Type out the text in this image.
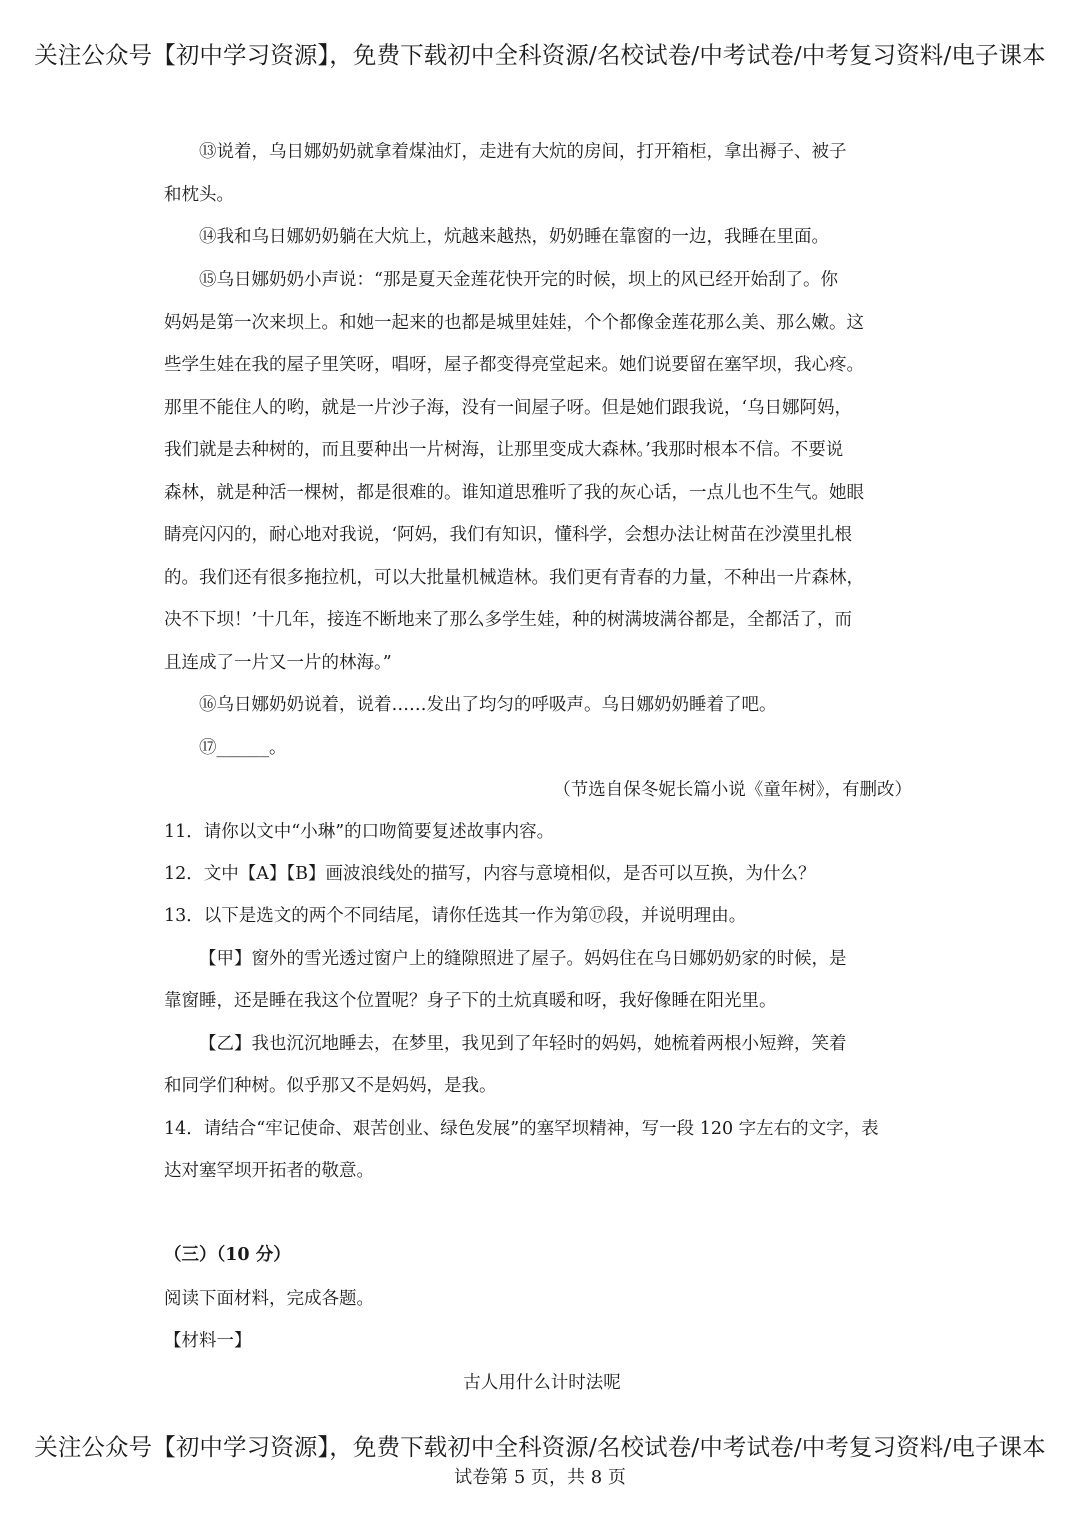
关注公众号【初中学习资源】，免费下载初中全科资源/名校试卷/中考试卷/中考复习资料/电子课本
⑬说着，乌日娜奶奶就拿着煤油灯，走进有大炕的房间，打开箱柜，拿出褥子、被子
和枕头。
⑭我和乌日娜奶奶躺在大炕上，炕越来越热，奶奶睡在靠窗的一边，我睡在里面。
⑮乌日娜奶奶小声说：“那是夏天金莲花快开完的时候，坝上的风已经开始刮了。你
妈妈是第一次来坝上。和她一起来的也都是城里娃娃，个个都像金莲花那么美、那么嫩。这
些学生娃在我的屋子里笑呀，唱呀，屋子都变得亮堂起来。她们说要留在塞罕坝，我心疼。
那里不能住人的哟，就是一片沙子海，没有一间屋子呀。但是她们跟我说，‘乌日娜阿妈，
我们就是去种树的，而且要种出一片树海，让那里变成大森林。’我那时根本不信。不要说
森林，就是种活一棵树，都是很难的。谁知道思雅听了我的灰心话，一点儿也不生气。她眼
睛亮闪闪的，耐心地对我说，‘阿妈，我们有知识，懂科学，会想办法让树苗在沙漠里扎根
的。我们还有很多拖拉机，可以大批量机械造林。我们更有青春的力量，不种出一片森林，
决不下坝！’十几年，接连不断地来了那么多学生娃，种的树满坡满谷都是，全都活了，而
且连成了一片又一片的林海。”
⑯乌日娜奶奶说着，说着……发出了均匀的呼吸声。乌日娜奶奶睡着了吧。
⑰______。
（节选自保冬妮长篇小说《童年树》，有删改）
11．请你以文中“小琳”的口吻简要复述故事内容。
12．文中【A】【B】画波浪线处的描写，内容与意境相似，是否可以互换，为什么？
13．以下是选文的两个不同结尾，请你任选其一作为第⑰段，并说明理由。
【甲】窗外的雪光透过窗户上的缝隙照进了屋子。妈妈住在乌日娜奶奶家的时候，是
靠窗睡，还是睡在我这个位置呢？身子下的土炕真暖和呀，我好像睡在阳光里。
【乙】我也沉沉地睡去，在梦里，我见到了年轻时的妈妈，她梳着两根小短辫，笑着
和同学们种树。似乎那又不是妈妈，是我。
14．请结合“牢记使命、艰苦创业、绿色发展”的塞罕坝精神，写一段 120 字左右的文字，表
达对塞罕坝开拓者的敬意。
（三）（10 分）
阅读下面材料，完成各题。
【材料一】
古人用什么计时法呢
关注公众号【初中学习资源】，免费下载初中全科资源/名校试卷/中考试卷/中考复习资料/电子课本
试卷第 5 页，共 8 页
